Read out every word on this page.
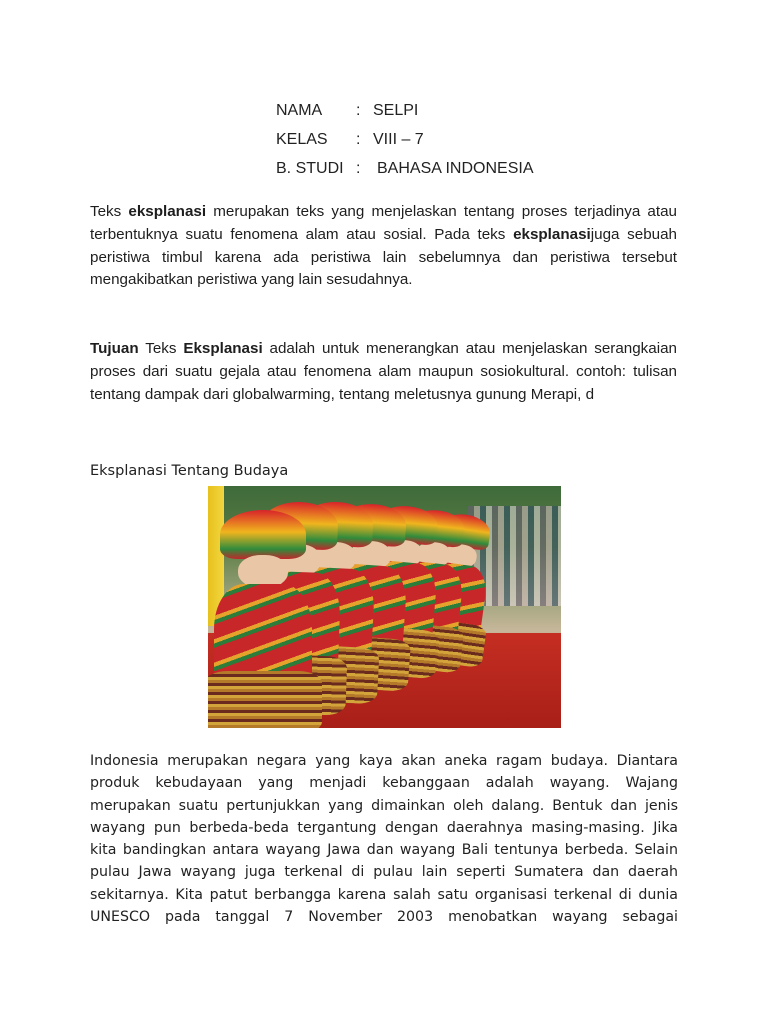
NAMA	: SELPI
KELAS	: VIII – 7
B. STUDI :	BAHASA INDONESIA

Teks eksplanasi merupakan teks yang menjelaskan tentang proses terjadinya atau terbentuknya suatu fenomena alam atau sosial. Pada teks eksplanasijuga sebuah peristiwa timbul karena ada peristiwa lain sebelumnya dan peristiwa tersebut mengakibatkan peristiwa yang lain sesudahnya.

Tujuan Teks Eksplanasi adalah untuk menerangkan atau menjelaskan serangkaian proses dari suatu gejala atau fenomena alam maupun sosiokultural. contoh: tulisan tentang dampak dari globalwarming, tentang meletusnya gunung Merapi, d

Eksplanasi Tentang Budaya

Indonesia merupakan negara yang kaya akan aneka ragam budaya. Diantara produk kebudayaan yang menjadi kebanggaan adalah wayang. Wajang merupakan suatu pertunjukkan yang dimainkan oleh dalang. Bentuk dan jenis wayang pun berbeda-beda tergantung dengan daerahnya masing-masing. Jika kita bandingkan antara wayang Jawa dan wayang Bali tentunya berbeda. Selain pulau Jawa wayang juga terkenal di pulau lain seperti Sumatera dan daerah sekitarnya. Kita patut berbangga karena salah satu organisasi terkenal di dunia UNESCO pada tanggal 7 November 2003 menobatkan wayang sebagai
